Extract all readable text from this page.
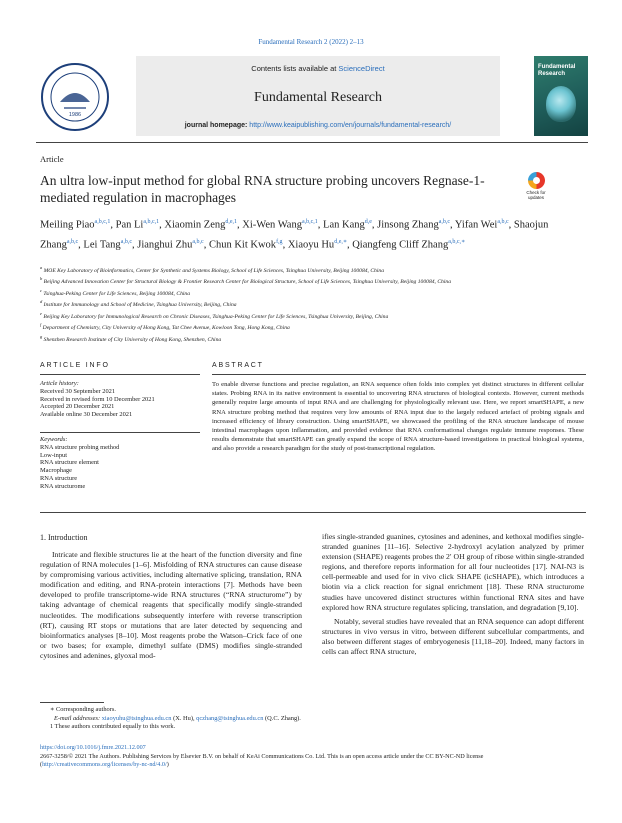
Fundamental Research 2 (2022) 2–13
1986
Contents lists available at ScienceDirect
Fundamental Research
journal homepage: http://www.keaipublishing.com/en/journals/fundamental-research/
Fundamental
Research
Article
An ultra low-input method for global RNA structure probing uncovers Regnase-1-mediated regulation in macrophages	Check for
updates
Meiling Piao$^{a,b,c,1}$, Pan Li$^{a,b,c,1}$, Xiaomin Zeng$^{d,e,1}$, Xi-Wen Wang$^{a,b,c,1}$, Lan Kang$^{d,e}$, Jinsong Zhang$^{a,b,c}$, Yifan Wei$^{a,b,c}$, Shaojun Zhang$^{a,b,c}$, Lei Tang$^{a,b,c}$, Jianghui Zhu$^{a,b,c}$, Chun Kit Kwok$^{f,g}$, Xiaoyu $Hu^{d,e,∗}$, Qiangfeng Cliff Zhang$^{a,b,c,∗}$
$^a$ MOE Key Laboratory of Bioinformatics, Center for Synthetic and Systems Biology, School of Life Sciences, Tsinghua University, Beijing 100084, China
$^b$ Beijing Advanced Innovation Center for Structural Biology & Frontier Research Center for Biological Structure, School of Life Sciences, Tsinghua University, Beijing 100084, China
$^c$ Tsinghua-Peking Center for Life Sciences, Beijing 100084, China
$^d$ Institute for Immunology and School of Medicine, Tsinghua University, Beijing, China
$^e$ Beijing Key Laboratory for Immunological Research on Chronic Diseases, Tsinghua-Peking Center for Life Sciences, Tsinghua University, Beijing, China
$^f$ Department of Chemistry, City University of Hong Kong, Tat Chee Avenue, Kowloon Tong, Hong Kong, China
$^g$ Shenzhen Research Institute of City University of Hong Kong, Shenzhen, China
ARTICLE INFO	ABSTRACT
Article history:
Received 30 September 2021
Received in revised form 10 December 2021
Accepted 20 December 2021
Available online 30 December 2021
Keywords:
RNA structure probing method
Low-input
RNA structure element
Macrophage
RNA structure
RNA structurome
To enable diverse functions and precise regulation, an RNA sequence often folds into complex yet distinct structures in different cellular states. Probing RNA in its native environment is essential to uncovering RNA structures of biological contexts. However, current methods generally require large amounts of input RNA and are challenging for physiologically relevant use. Here, we report smartSHAPE, a new RNA structure probing method that requires very low amounts of RNA input due to the largely reduced artefact of probing signals and increased efficiency of library construction. Using smartSHAPE, we showcased the profiling of the RNA structure landscape of mouse intestinal macrophages upon inflammation, and provided evidence that RNA conformational changes regulate immune responses. These results demonstrate that smartSHAPE can greatly expand the scope of RNA structure-based investigations in practical biological systems, and also provide a research paradigm for the study of post-transcriptional regulation.
1. Introduction

Intricate and flexible structures lie at the heart of the function diversity and fine regulation of RNA molecules [1–6]. Misfolding of RNA structures can cause disease by compromising various activities, including alternative splicing, translation, RNA modification and editing, and RNA-protein interactions [7]. Methods have been developed to profile transcriptome-wide RNA structures (“RNA structurome”) by taking advantage of chemical reagents that specifically modify single-stranded nucleotides. The modifications subsequently interfere with reverse transcription (RT), causing RT stops or mutations that are later detected by sequencing and bioinformatics analyses [8–10]. Most reagents probe the Watson–Crick face of one or two bases; for example, dimethyl sulfate (DMS) modifies single-stranded cytosines and adenines, glyoxal mod-

ifies single-stranded guanines, cytosines and adenines, and kethoxal modifies single-stranded guanines [11–16]. Selective 2-hydroxyl acylation analyzed by primer extension (SHAPE) reagents probes the 2′ OH group of ribose within single-stranded regions, and therefore reports information for all four nucleotides [17]. NAI-N3 is cell-permeable and used for in vivo click SHAPE (icSHAPE), which introduces a biotin via a click reaction for signal enrichment [18]. These RNA structurome studies have uncovered distinct structures within functional RNA sites and have explored how RNA structure regulates splicing, translation, and degradation [9,10].

Notably, several studies have revealed that an RNA sequence can adopt different structures in vivo versus in vitro, between different subcellular compartments, and also between different stages of embryogenesis [11,18–20]. Indeed, many factors in cells can affect RNA structure,

∗ Corresponding authors.
E-mail addresses: xiaoyuhu@tsinghua.edu.cn (X. Hu), qczhang@tsinghua.edu.cn (Q.C. Zhang).
1 These authors contributed equally to this work.
https://doi.org/10.1016/j.fmre.2021.12.007
2667-3258/© 2021 The Authors. Publishing Services by Elsevier B.V. on behalf of KeAi Communications Co. Ltd. This is an open access article under the CC BY-NC-ND license (http://creativecommons.org/licenses/by-nc-nd/4.0/)
